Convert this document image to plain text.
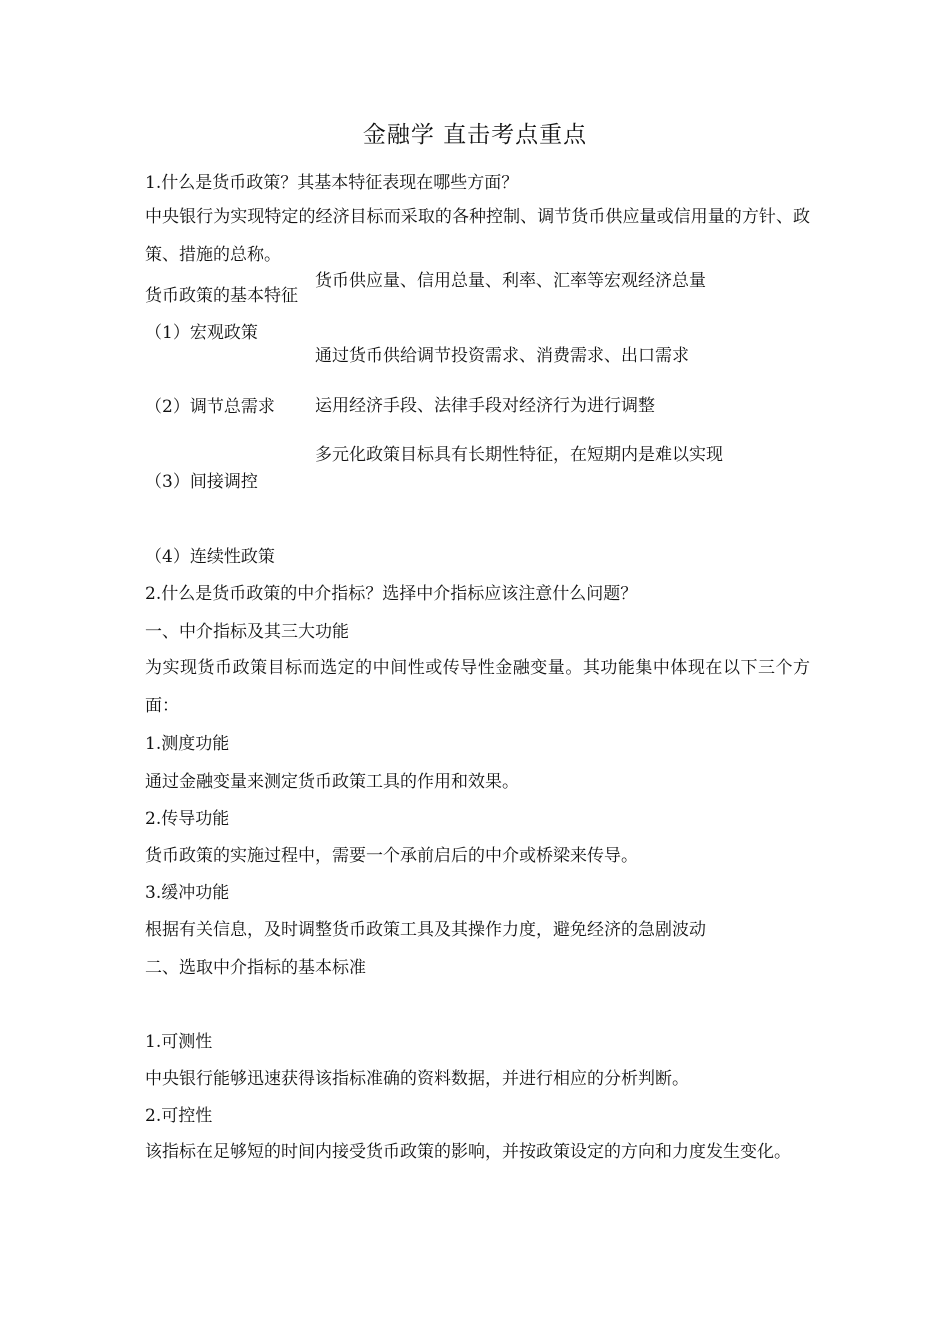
金融学 直击考点重点
1.什么是货币政策？其基本特征表现在哪些方面？
中央银行为实现特定的经济目标而采取的各种控制、调节货币供应量或信用量的方针、政策、措施的总称。
货币政策的基本特征
货币供应量、信用总量、利率、汇率等宏观经济总量
（1）宏观政策
通过货币供给调节投资需求、消费需求、出口需求
（2）调节总需求 运用经济手段、法律手段对经济行为进行调整
（3）间接调控
多元化政策目标具有长期性特征，在短期内是难以实现
（4）连续性政策
2.什么是货币政策的中介指标？选择中介指标应该注意什么问题？
一、中介指标及其三大功能
为实现货币政策目标而选定的中间性或传导性金融变量。其功能集中体现在以下三个方面：
1.测度功能
通过金融变量来测定货币政策工具的作用和效果。
2.传导功能
货币政策的实施过程中，需要一个承前启后的中介或桥梁来传导。
3.缓冲功能
根据有关信息，及时调整货币政策工具及其操作力度，避免经济的急剧波动
二、选取中介指标的基本标准
1.可测性
中央银行能够迅速获得该指标准确的资料数据，并进行相应的分析判断。
2.可控性
该指标在足够短的时间内接受货币政策的影响，并按政策设定的方向和力度发生变化。
